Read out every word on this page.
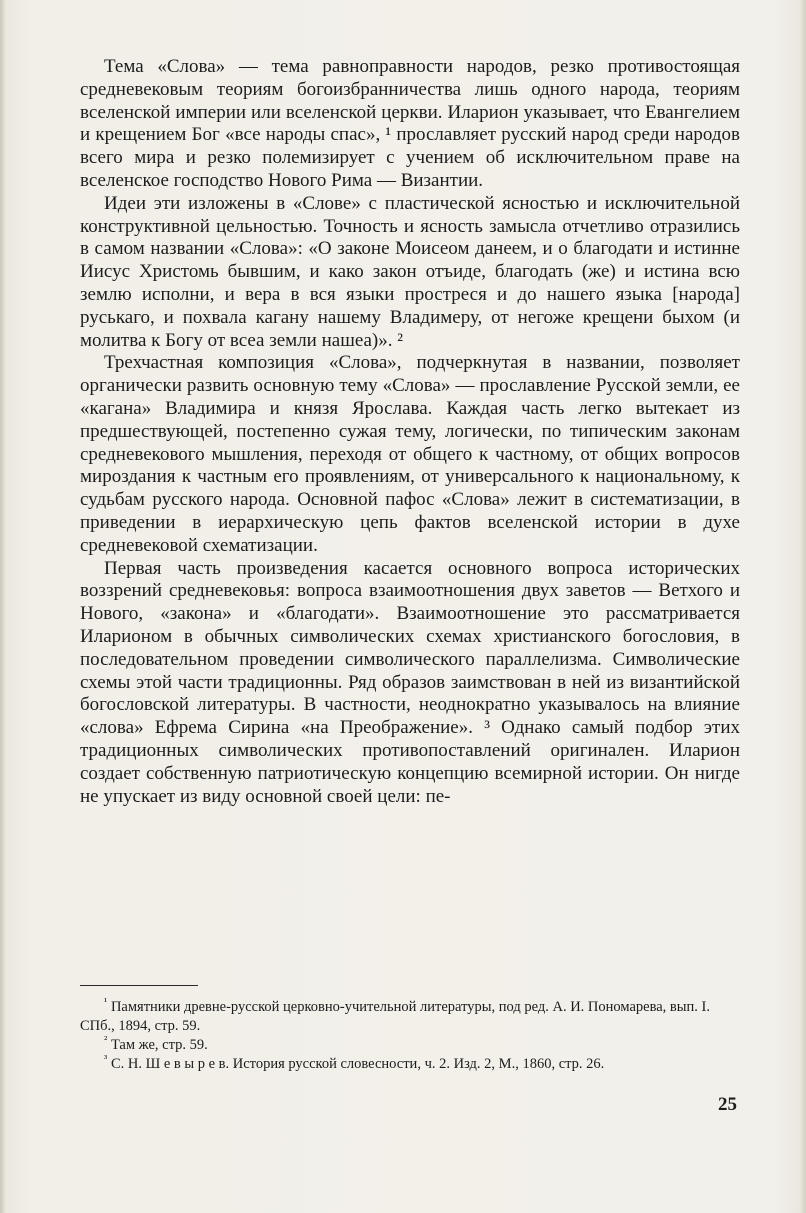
Тема «Слова» — тема равноправности народов, резко противостоящая средневековым теориям богоизбранничества лишь одного народа, теориям вселенской империи или вселенской церкви. Иларион указывает, что Евангелием и крещением Бог «все народы спас», ¹ прославляет русский народ среди народов всего мира и резко полемизирует с учением об исключительном праве на вселенское господство Нового Рима — Византии.

Идеи эти изложены в «Слове» с пластической ясностью и исключительной конструктивной цельностью. Точность и ясность замысла отчетливо отразились в самом названии «Слова»: «О законе Моисеом данеем, и о благодати и истинне Иисус Христомь бывшим, и како закон отъиде, благодать (же) и истина всю землю исполни, и вера в вся языки простреся и до нашего языка [народа] руськаго, и похвала кагану нашему Владимеру, от негоже крещени быхом (и молитва к Богу от всеа земли нашеа)». ²

Трехчастная композиция «Слова», подчеркнутая в названии, позволяет органически развить основную тему «Слова» — прославление Русской земли, ее «кагана» Владимира и князя Ярослава. Каждая часть легко вытекает из предшествующей, постепенно сужая тему, логически, по типическим законам средневекового мышления, переходя от общего к частному, от общих вопросов мироздания к частным его проявлениям, от универсального к национальному, к судьбам русского народа. Основной пафос «Слова» лежит в систематизации, в приведении в иерархическую цепь фактов вселенской истории в духе средневековой схематизации.

Первая часть произведения касается основного вопроса исторических воззрений средневековья: вопроса взаимоотношения двух заветов — Ветхого и Нового, «закона» и «благодати». Взаимоотношение это рассматривается Иларионом в обычных символических схемах христианского богословия, в последовательном проведении символического параллелизма. Символические схемы этой части традиционны. Ряд образов заимствован в ней из византийской богословской литературы. В частности, неоднократно указывалось на влияние «слова» Ефрема Сирина «на Преображение». ³ Однако самый подбор этих традиционных символических противопоставлений оригинален. Иларион создает собственную патриотическую концепцию всемирной истории. Он нигде не упускает из виду основной своей цели: пе-

$^{^1}$ Памятники древне-русской церковно-учительной литературы, под ред. А. И. Пономарева, вып. I. СПб., 1894, стр. 59.
$^{^2}$ Там же, стр. 59.
$^{^3}$ С. Н. Ш е в ы р е в. История русской словесности, ч. 2. Изд. 2, М., 1860, стр. 26.
25
